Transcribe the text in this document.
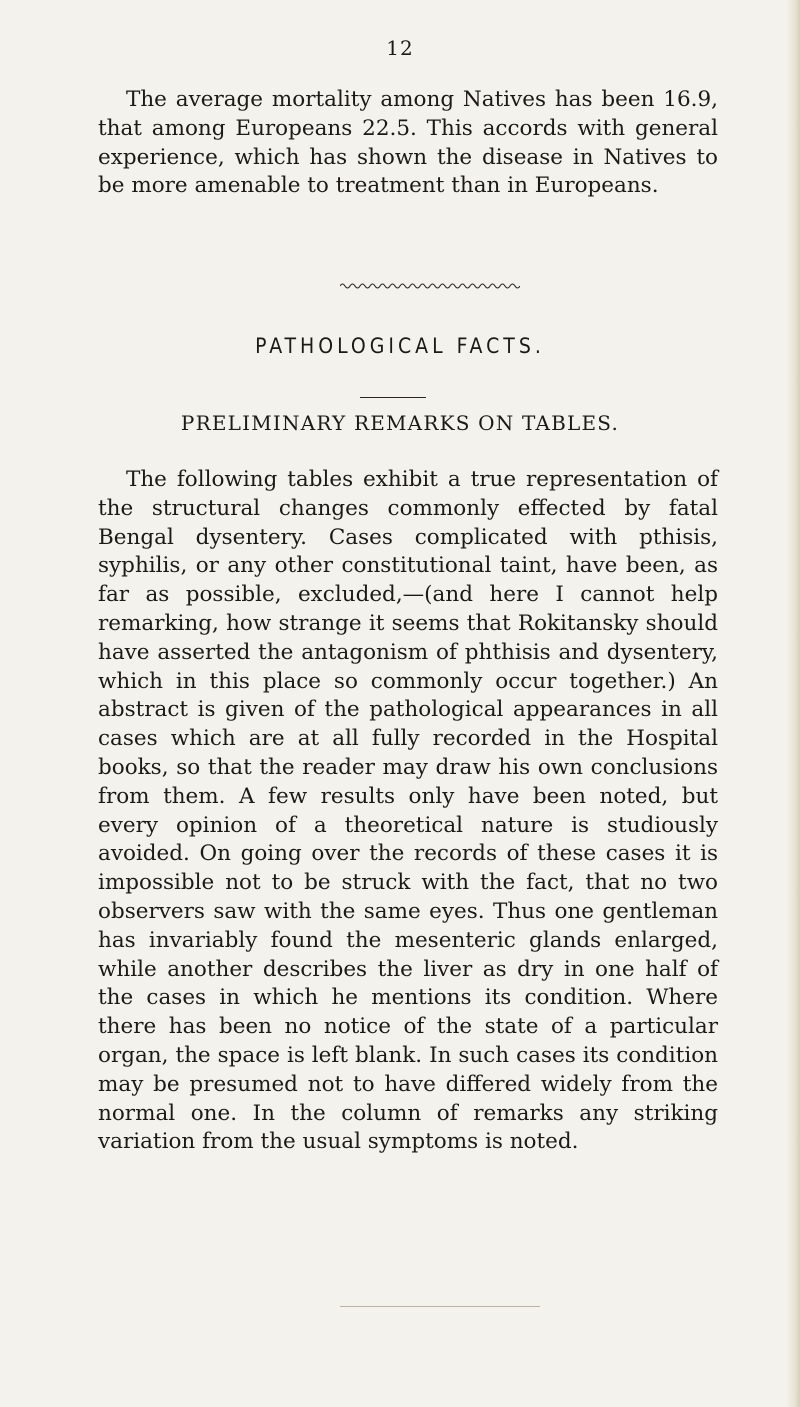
12

The average mortality among Natives has been 16.9, that among Europeans 22.5. This accords with general experience, which has shown the disease in Natives to be more amenable to treatment than in Europeans.

PATHOLOGICAL FACTS.
PRELIMINARY REMARKS ON TABLES.

The following tables exhibit a true representation of the structural changes commonly effected by fatal Bengal dysentery. Cases complicated with pthisis, syphilis, or any other constitutional taint, have been, as far as possible, excluded,—(and here I cannot help remarking, how strange it seems that Rokitansky should have asserted the antagonism of phthisis and dysentery, which in this place so commonly occur together.) An abstract is given of the pathological appearances in all cases which are at all fully recorded in the Hospital books, so that the reader may draw his own conclusions from them. A few results only have been noted, but every opinion of a theoretical nature is studiously avoided. On going over the records of these cases it is impossible not to be struck with the fact, that no two observers saw with the same eyes. Thus one gentleman has invariably found the mesenteric glands enlarged, while another describes the liver as dry in one half of the cases in which he mentions its condition. Where there has been no notice of the state of a particular organ, the space is left blank. In such cases its condition may be presumed not to have differed widely from the normal one. In the column of remarks any striking variation from the usual symptoms is noted.
